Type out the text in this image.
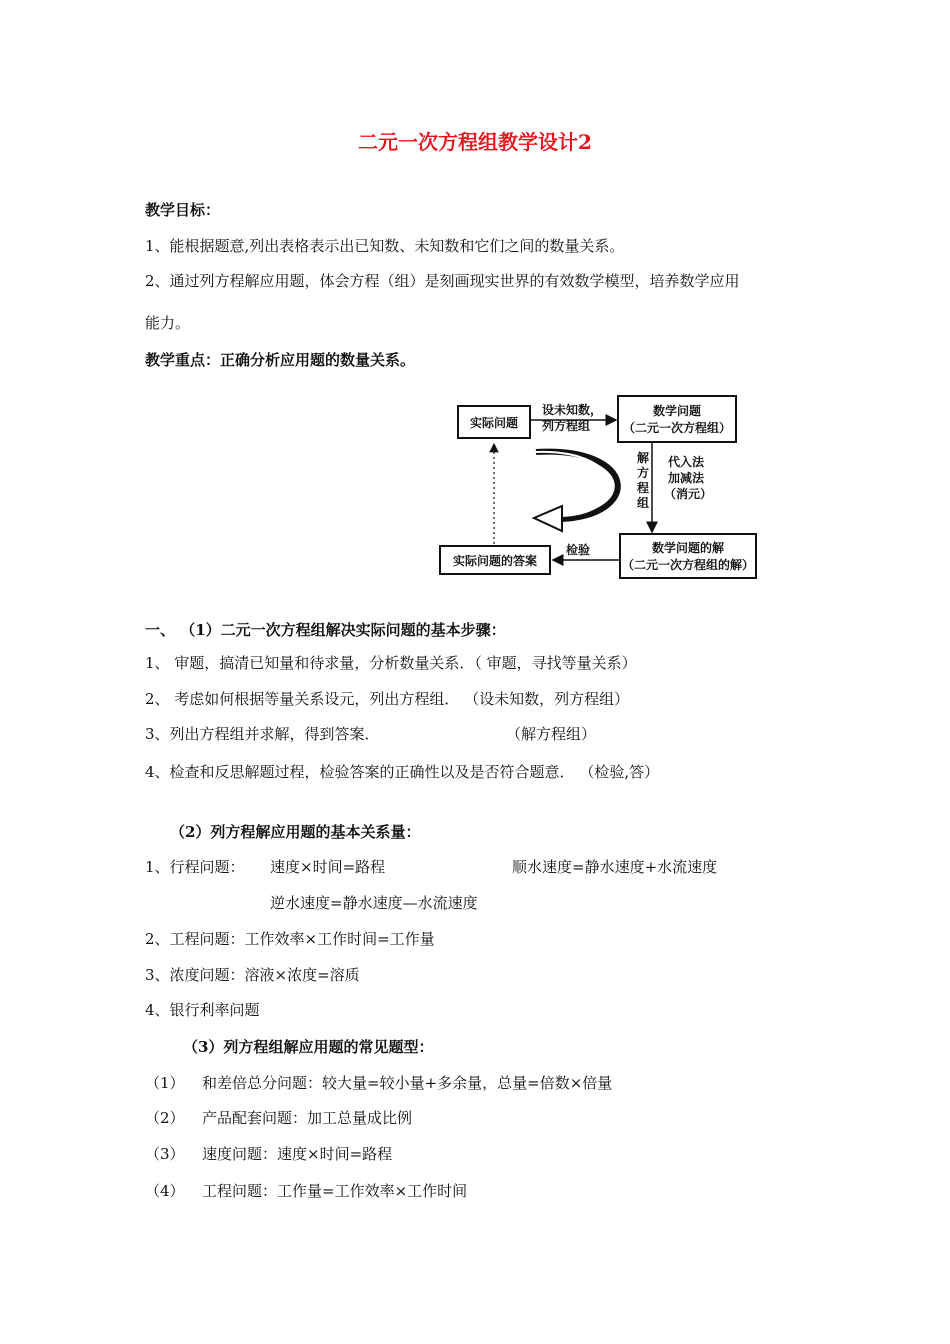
二元一次方程组教学设计2
教学目标：
1、能根据题意,列出表格表示出已知数、未知数和它们之间的数量关系。
2、通过列方程解应用题，体会方程（组）是刻画现实世界的有效数学模型，培养数学应用
能力。
教学重点：正确分析应用题的数量关系。
实际问题
设未知数，
列方程组
数学问题
（二元一次方程组）
解
方
程
组
代入法
加减法
（消元）
数学问题的解
（二元一次方程组的解）
检验
实际问题的答案
一、 （1）二元一次方程组解决实际问题的基本步骤：
1、 审题，搞清已知量和待求量，分析数量关系．（ 审题，寻找等量关系）
2、 考虑如何根据等量关系设元，列出方程组． （设未知数，列方程组）
3、列出方程组并求解，得到答案．	（解方程组）
4、检查和反思解题过程，检验答案的正确性以及是否符合题意． （检验,答）
（2）列方程解应用题的基本关系量：
1、行程问题： 速度×时间=路程	顺水速度=静水速度+水流速度
逆水速度=静水速度—水流速度
2、工程问题：工作效率×工作时间=工作量
3、浓度问题：溶液×浓度=溶质
4、银行利率问题
（3）列方程组解应用题的常见题型：
（1） 和差倍总分问题：较大量=较小量+多余量，总量=倍数×倍量
（2） 产品配套问题：加工总量成比例
（3） 速度问题：速度×时间=路程
（4） 工程问题：工作量=工作效率×工作时间
